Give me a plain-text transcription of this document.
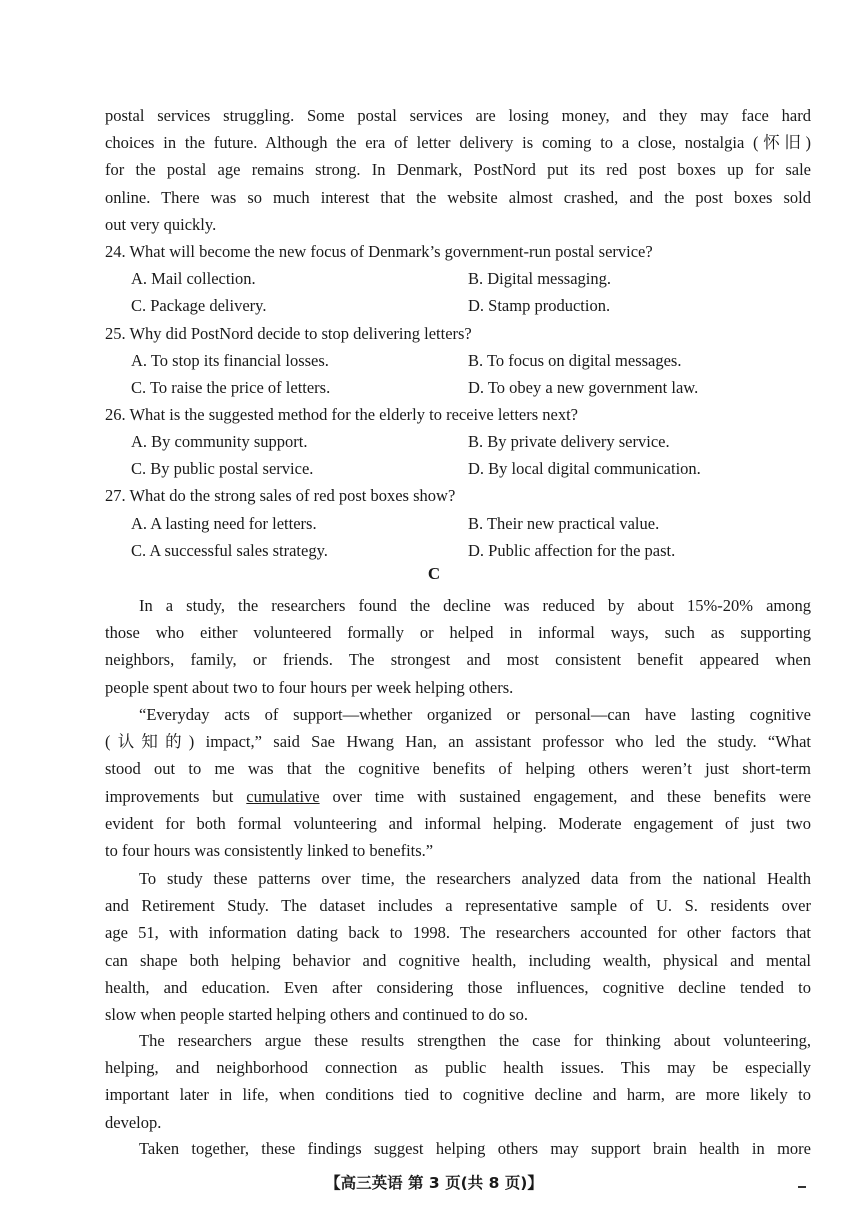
postal services struggling. Some postal services are losing money, and they may face hard
choices in the future. Although the era of letter delivery is coming to a close, nostalgia (怀旧)
for the postal age remains strong. In Denmark, PostNord put its red post boxes up for sale
online. There was so much interest that the website almost crashed, and the post boxes sold
out very quickly.
24. What will become the new focus of Denmark’s government-run postal service?
A. Mail collection.	B. Digital messaging.
C. Package delivery.	D. Stamp production.
25. Why did PostNord decide to stop delivering letters?
A. To stop its financial losses.	B. To focus on digital messages.
C. To raise the price of letters.	D. To obey a new government law.
26. What is the suggested method for the elderly to receive letters next?
A. By community support.	B. By private delivery service.
C. By public postal service.	D. By local digital communication.
27. What do the strong sales of red post boxes show?
A. A lasting need for letters.	B. Their new practical value.
C. A successful sales strategy.	D. Public affection for the past.
C
In a study, the researchers found the decline was reduced by about 15%-20% among
those who either volunteered formally or helped in informal ways, such as supporting
neighbors, family, or friends. The strongest and most consistent benefit appeared when
people spent about two to four hours per week helping others.
“Everyday acts of support—whether organized or personal—can have lasting cognitive
(认知的) impact,” said Sae Hwang Han, an assistant professor who led the study. “What
stood out to me was that the cognitive benefits of helping others weren’t just short-term
improvements but cumulative over time with sustained engagement, and these benefits were
evident for both formal volunteering and informal helping. Moderate engagement of just two
to four hours was consistently linked to benefits.”
To study these patterns over time, the researchers analyzed data from the national Health
and Retirement Study. The dataset includes a representative sample of U. S. residents over
age 51, with information dating back to 1998. The researchers accounted for other factors that
can shape both helping behavior and cognitive health, including wealth, physical and mental
health, and education. Even after considering those influences, cognitive decline tended to
slow when people started helping others and continued to do so.
The researchers argue these results strengthen the case for thinking about volunteering,
helping, and neighborhood connection as public health issues. This may be especially
important later in life, when conditions tied to cognitive decline and harm, are more likely to
develop.
Taken together, these findings suggest helping others may support brain health in more
【高三英语 第 3 页(共 8 页)】
